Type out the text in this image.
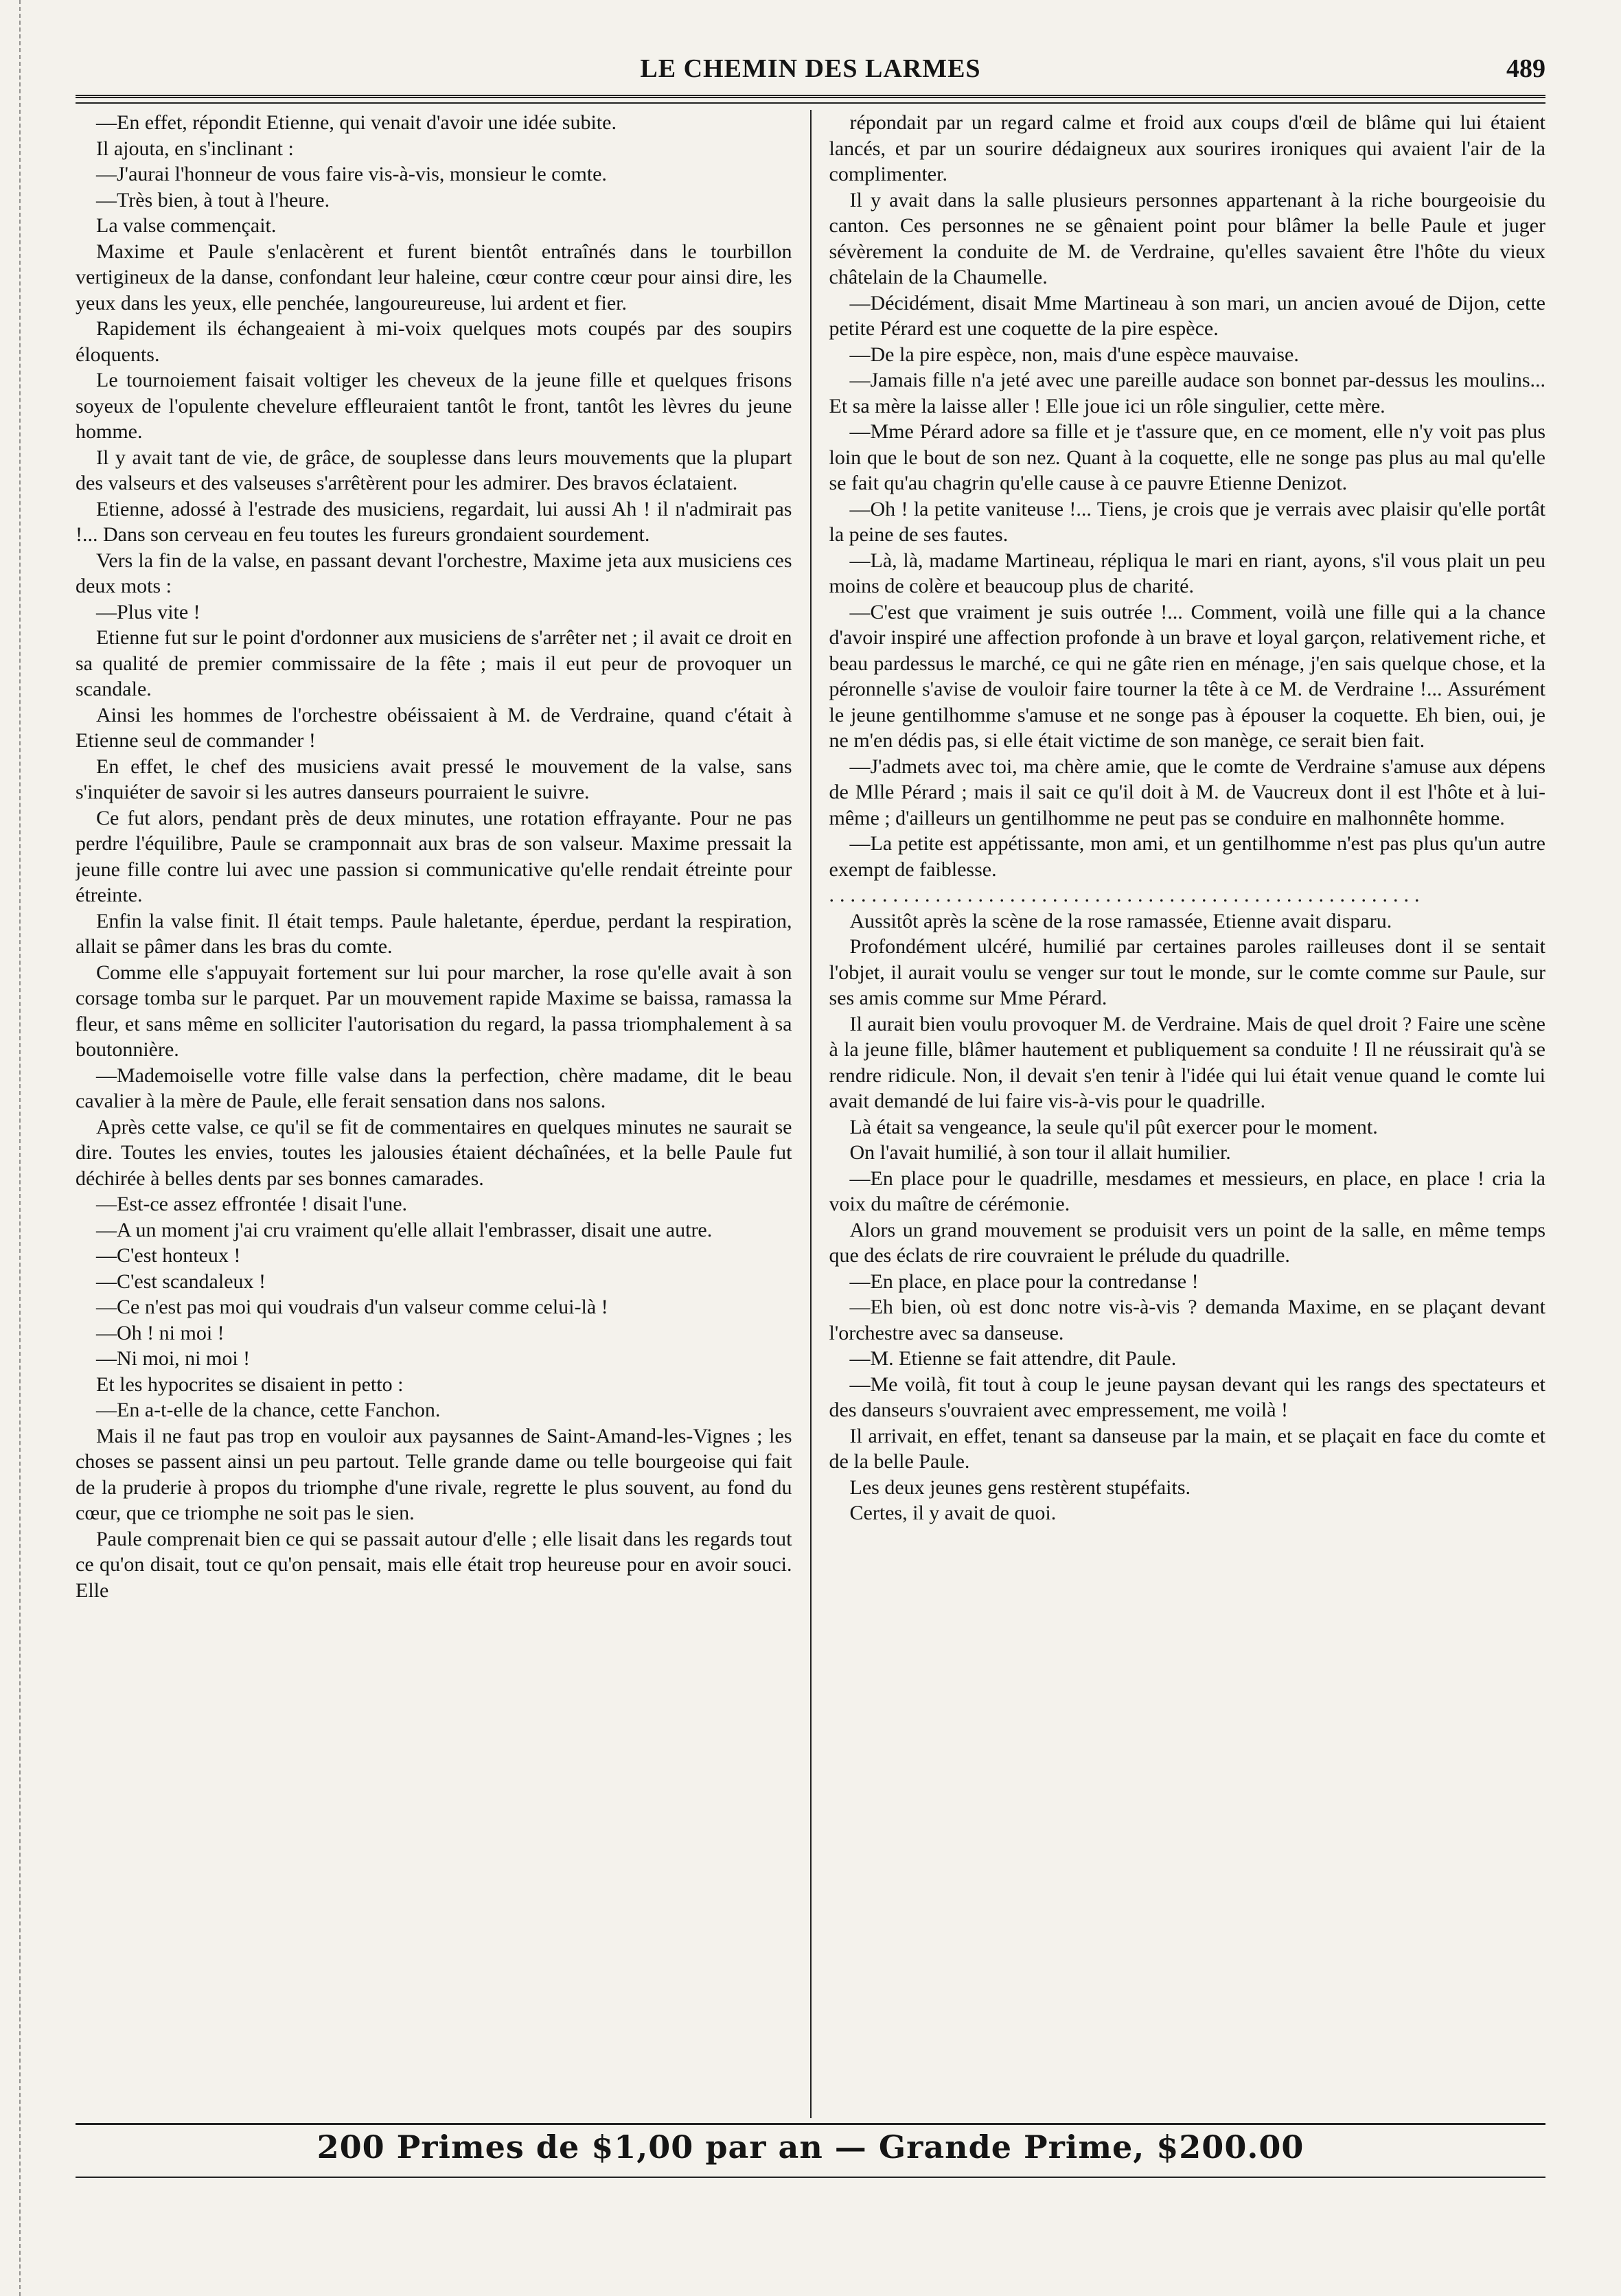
LE CHEMIN DES LARMES	489

—En effet, répondit Etienne, qui venait d'avoir une idée subite.

Il ajouta, en s'inclinant :

—J'aurai l'honneur de vous faire vis-à-vis, monsieur le comte.

—Très bien, à tout à l'heure.

La valse commençait.

Maxime et Paule s'enlacèrent et furent bientôt entraînés dans le tourbillon vertigineux de la danse, confondant leur haleine, cœur contre cœur pour ainsi dire, les yeux dans les yeux, elle penchée, langoureureuse, lui ardent et fier.

Rapidement ils échangeaient à mi-voix quelques mots coupés par des soupirs éloquents.

Le tournoiement faisait voltiger les cheveux de la jeune fille et quelques frisons soyeux de l'opulente chevelure effleuraient tantôt le front, tantôt les lèvres du jeune homme.

Il y avait tant de vie, de grâce, de souplesse dans leurs mouvements que la plupart des valseurs et des valseuses s'arrêtèrent pour les admirer. Des bravos éclataient.

Etienne, adossé à l'estrade des musiciens, regardait, lui aussi Ah ! il n'admirait pas !... Dans son cerveau en feu toutes les fureurs grondaient sourdement.

Vers la fin de la valse, en passant devant l'orchestre, Maxime jeta aux musiciens ces deux mots :

—Plus vite !

Etienne fut sur le point d'ordonner aux musiciens de s'arrêter net ; il avait ce droit en sa qualité de premier commissaire de la fête ; mais il eut peur de provoquer un scandale.

Ainsi les hommes de l'orchestre obéissaient à M. de Verdraine, quand c'était à Etienne seul de commander !

En effet, le chef des musiciens avait pressé le mouvement de la valse, sans s'inquiéter de savoir si les autres danseurs pourraient le suivre.

Ce fut alors, pendant près de deux minutes, une rotation effrayante. Pour ne pas perdre l'équilibre, Paule se cramponnait aux bras de son valseur. Maxime pressait la jeune fille contre lui avec une passion si communicative qu'elle rendait étreinte pour étreinte.

Enfin la valse finit. Il était temps. Paule haletante, éperdue, perdant la respiration, allait se pâmer dans les bras du comte.

Comme elle s'appuyait fortement sur lui pour marcher, la rose qu'elle avait à son corsage tomba sur le parquet. Par un mouvement rapide Maxime se baissa, ramassa la fleur, et sans même en solliciter l'autorisation du regard, la passa triomphalement à sa boutonnière.

—Mademoiselle votre fille valse dans la perfection, chère madame, dit le beau cavalier à la mère de Paule, elle ferait sensation dans nos salons.

Après cette valse, ce qu'il se fit de commentaires en quelques minutes ne saurait se dire. Toutes les envies, toutes les jalousies étaient déchaînées, et la belle Paule fut déchirée à belles dents par ses bonnes camarades.

—Est-ce assez effrontée ! disait l'une.

—A un moment j'ai cru vraiment qu'elle allait l'embrasser, disait une autre.

—C'est honteux !

—C'est scandaleux !

—Ce n'est pas moi qui voudrais d'un valseur comme celui-là !

—Oh ! ni moi !

—Ni moi, ni moi !

Et les hypocrites se disaient in petto :

—En a-t-elle de la chance, cette Fanchon.

Mais il ne faut pas trop en vouloir aux paysannes de Saint-Amand-les-Vignes ; les choses se passent ainsi un peu partout. Telle grande dame ou telle bourgeoise qui fait de la pruderie à propos du triomphe d'une rivale, regrette le plus souvent, au fond du cœur, que ce triomphe ne soit pas le sien.

Paule comprenait bien ce qui se passait autour d'elle ; elle lisait dans les regards tout ce qu'on disait, tout ce qu'on pensait, mais elle était trop heureuse pour en avoir souci. Elle

répondait par un regard calme et froid aux coups d'œil de blâme qui lui étaient lancés, et par un sourire dédaigneux aux sourires ironiques qui avaient l'air de la complimenter.

Il y avait dans la salle plusieurs personnes appartenant à la riche bourgeoisie du canton. Ces personnes ne se gênaient point pour blâmer la belle Paule et juger sévèrement la conduite de M. de Verdraine, qu'elles savaient être l'hôte du vieux châtelain de la Chaumelle.

—Décidément, disait Mme Martineau à son mari, un ancien avoué de Dijon, cette petite Pérard est une coquette de la pire espèce.

—De la pire espèce, non, mais d'une espèce mauvaise.

—Jamais fille n'a jeté avec une pareille audace son bonnet par-dessus les moulins... Et sa mère la laisse aller ! Elle joue ici un rôle singulier, cette mère.

—Mme Pérard adore sa fille et je t'assure que, en ce moment, elle n'y voit pas plus loin que le bout de son nez. Quant à la coquette, elle ne songe pas plus au mal qu'elle se fait qu'au chagrin qu'elle cause à ce pauvre Etienne Denizot.

—Oh ! la petite vaniteuse !... Tiens, je crois que je verrais avec plaisir qu'elle portât la peine de ses fautes.

—Là, là, madame Martineau, répliqua le mari en riant, ayons, s'il vous plait un peu moins de colère et beaucoup plus de charité.

—C'est que vraiment je suis outrée !... Comment, voilà une fille qui a la chance d'avoir inspiré une affection profonde à un brave et loyal garçon, relativement riche, et beau pardessus le marché, ce qui ne gâte rien en ménage, j'en sais quelque chose, et la péronnelle s'avise de vouloir faire tourner la tête à ce M. de Verdraine !... Assurément le jeune gentilhomme s'amuse et ne songe pas à épouser la coquette. Eh bien, oui, je ne m'en dédis pas, si elle était victime de son manège, ce serait bien fait.

—J'admets avec toi, ma chère amie, que le comte de Verdraine s'amuse aux dépens de Mlle Pérard ; mais il sait ce qu'il doit à M. de Vaucreux dont il est l'hôte et à lui-même ; d'ailleurs un gentilhomme ne peut pas se conduire en malhonnête homme.

—La petite est appétissante, mon ami, et un gentilhomme n'est pas plus qu'un autre exempt de faiblesse.

........................................................

Aussitôt après la scène de la rose ramassée, Etienne avait disparu.

Profondément ulcéré, humilié par certaines paroles railleuses dont il se sentait l'objet, il aurait voulu se venger sur tout le monde, sur le comte comme sur Paule, sur ses amis comme sur Mme Pérard.

Il aurait bien voulu provoquer M. de Verdraine. Mais de quel droit ? Faire une scène à la jeune fille, blâmer hautement et publiquement sa conduite ! Il ne réussirait qu'à se rendre ridicule. Non, il devait s'en tenir à l'idée qui lui était venue quand le comte lui avait demandé de lui faire vis-à-vis pour le quadrille.

Là était sa vengeance, la seule qu'il pût exercer pour le moment.

On l'avait humilié, à son tour il allait humilier.

—En place pour le quadrille, mesdames et messieurs, en place, en place ! cria la voix du maître de cérémonie.

Alors un grand mouvement se produisit vers un point de la salle, en même temps que des éclats de rire couvraient le prélude du quadrille.

—En place, en place pour la contredanse !

—Eh bien, où est donc notre vis-à-vis ? demanda Maxime, en se plaçant devant l'orchestre avec sa danseuse.

—M. Etienne se fait attendre, dit Paule.

—Me voilà, fit tout à coup le jeune paysan devant qui les rangs des spectateurs et des danseurs s'ouvraient avec empressement, me voilà !

Il arrivait, en effet, tenant sa danseuse par la main, et se plaçait en face du comte et de la belle Paule.

Les deux jeunes gens restèrent stupéfaits.

Certes, il y avait de quoi.

200 Primes de $1,00 par an — Grande Prime, $200.00
